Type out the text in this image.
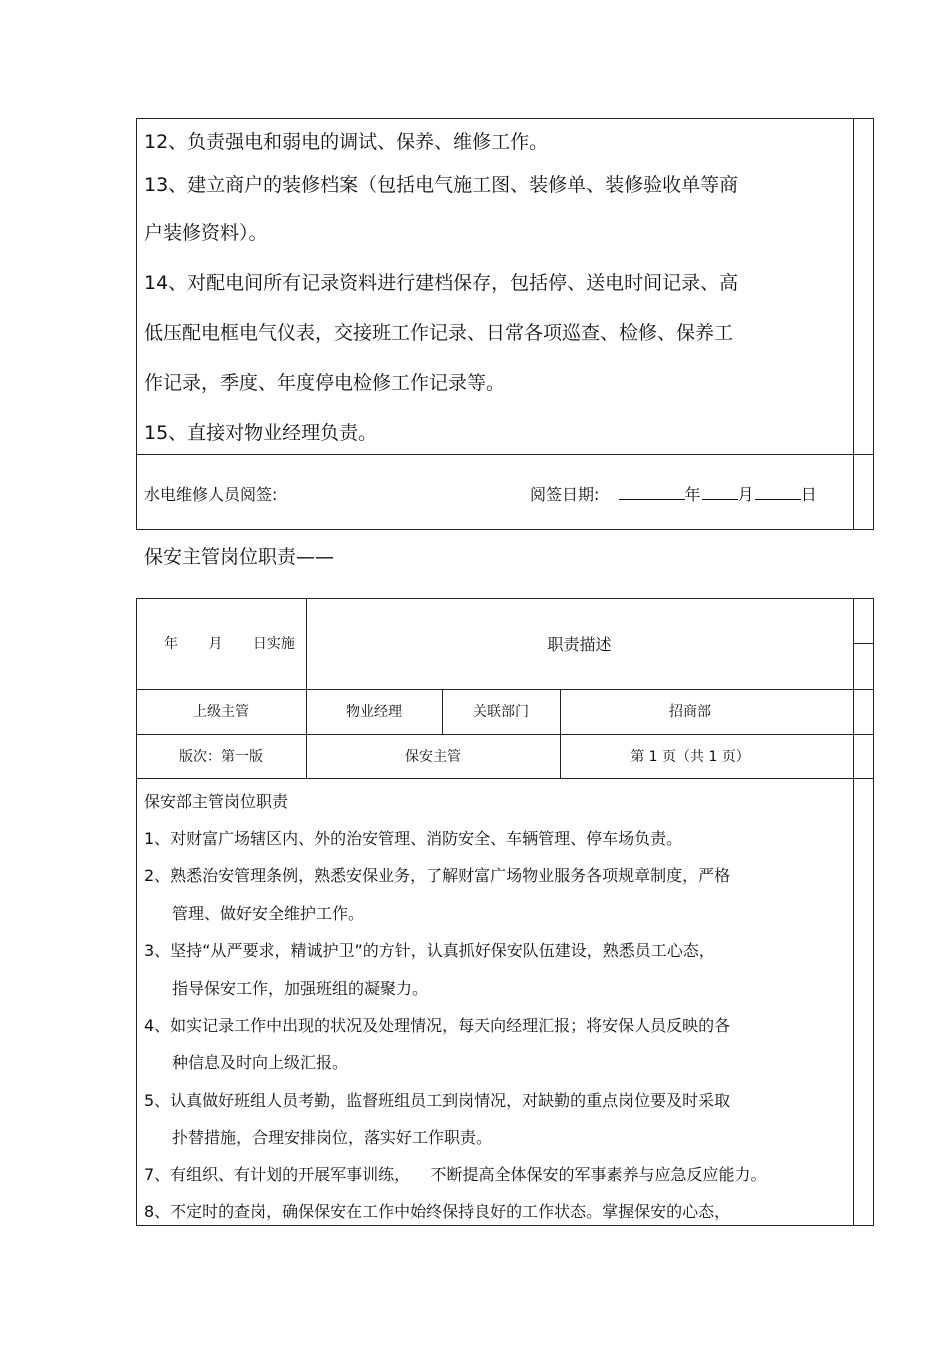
12、负责强电和弱电的调试、保养、维修工作。
13、建立商户的装修档案（包括电气施工图、装修单、装修验收单等商
户装修资料）。
14、对配电间所有记录资料进行建档保存，包括停、送电时间记录、高
低压配电框电气仪表，交接班工作记录、日常各项巡查、检修、保养工
作记录，季度、年度停电检修工作记录等。
15、直接对物业经理负责。
水电维修人员阅签:	阅签日期:	年 月	日
保安主管岗位职责——
年 月 日实施	职责描述
上级主管	物业经理	关联部门	招商部
版次：第一版	保安主管	第 1 页（共 1 页）
保安部主管岗位职责
1、对财富广场辖区内、外的治安管理、消防安全、车辆管理、停车场负责。
2、熟悉治安管理条例，熟悉安保业务，了解财富广场物业服务各项规章制度，严格
管理、做好安全维护工作。
3、坚持“从严要求，精诚护卫”的方针，认真抓好保安队伍建设，熟悉员工心态，
指导保安工作，加强班组的凝聚力。
4、如实记录工作中出现的状况及处理情况，每天向经理汇报；将安保人员反映的各
种信息及时向上级汇报。
5、认真做好班组人员考勤，监督班组员工到岗情况，对缺勤的重点岗位要及时采取
扑替措施，合理安排岗位，落实好工作职责。
7、有组织、有计划的开展军事训练，    不断提高全体保安的军事素养与应急反应能力。
8、不定时的查岗，确保保安在工作中始终保持良好的工作状态。掌握保安的心态，
